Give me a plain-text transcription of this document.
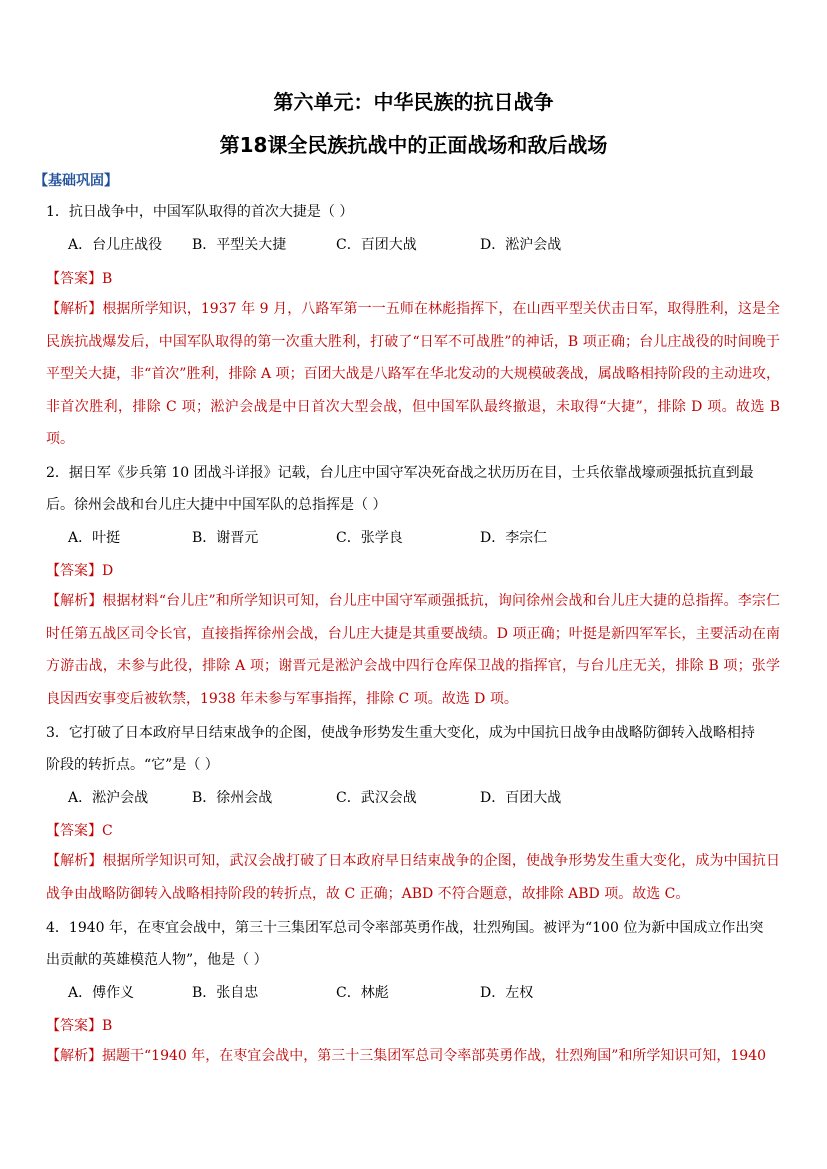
第六单元：中华民族的抗日战争
第18课全民族抗战中的正面战场和敌后战场
【基础巩固】
1．抗日战争中，中国军队取得的首次大捷是（ ）
A．台儿庄战役 B．平型关大捷	C．百团大战	D．淞沪会战
【答案】B
【解析】根据所学知识，1937 年 9 月，八路军第一一五师在林彪指挥下，在山西平型关伏击日军，取得胜利，这是全民族抗战爆发后，中国军队取得的第一次重大胜利，打破了“日军不可战胜”的神话，B 项正确；台儿庄战役的时间晚于平型关大捷，非“首次”胜利，排除 A 项；百团大战是八路军在华北发动的大规模破袭战，属战略相持阶段的主动进攻，非首次胜利，排除 C 项；淞沪会战是中日首次大型会战，但中国军队最终撤退，未取得“大捷”，排除 D 项。故选 B 项。
2．据日军《步兵第 10 团战斗详报》记载，台儿庄中国守军决死奋战之状历历在目，士兵依靠战壕顽强抵抗直到最
后。徐州会战和台儿庄大捷中中国军队的总指挥是（ ）
A．叶挺	B．谢晋元	C．张学良	D．李宗仁
【答案】D
【解析】根据材料“台儿庄”和所学知识可知，台儿庄中国守军顽强抵抗，询问徐州会战和台儿庄大捷的总指挥。李宗仁时任第五战区司令长官，直接指挥徐州会战，台儿庄大捷是其重要战绩。D 项正确；叶挺是新四军军长，主要活动在南方游击战，未参与此役，排除 A 项；谢晋元是淞沪会战中四行仓库保卫战的指挥官，与台儿庄无关，排除 B 项；张学良因西安事变后被软禁，1938 年未参与军事指挥，排除 C 项。故选 D 项。
3．它打破了日本政府早日结束战争的企图，使战争形势发生重大变化，成为中国抗日战争由战略防御转入战略相持
阶段的转折点。“它”是（ ）
A．淞沪会战	B．徐州会战	C．武汉会战	D．百团大战
【答案】C
【解析】根据所学知识可知，武汉会战打破了日本政府早日结束战争的企图，使战争形势发生重大变化，成为中国抗日战争由战略防御转入战略相持阶段的转折点，故 C 正确；ABD 不符合题意，故排除 ABD 项。故选 C。
4．1940 年，在枣宜会战中，第三十三集团军总司令率部英勇作战，壮烈殉国。被评为“100 位为新中国成立作出突
出贡献的英雄模范人物”，他是（ ）
A．傅作义	B．张自忠	C．林彪	D．左权
【答案】B
【解析】据题干“1940 年，在枣宜会战中，第三十三集团军总司令率部英勇作战，壮烈殉国”和所学知识可知，1940
